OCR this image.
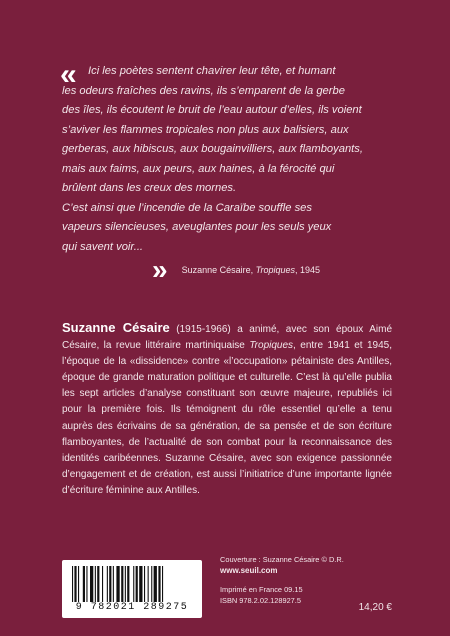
«	Ici les poètes sentent chavirer leur tête, et humant
les odeurs fraîches des ravins, ils s’emparent de la gerbe
des îles, ils écoutent le bruit de l’eau autour d’elles, ils voient
s’aviver les flammes tropicales non plus aux balisiers, aux
gerberas, aux hibiscus, aux bougainvilliers, aux flamboyants,
mais aux faims, aux peurs, aux haines, à la férocité qui
brûlent dans les creux des mornes.
C’est ainsi que l’incendie de la Caraïbe souffle ses
vapeurs silencieuses, aveuglantes pour les seuls yeux
qui savent voir...

» Suzanne Césaire, Tropiques, 1945
Suzanne Césaire (1915-1966) a animé, avec son époux Aimé Césaire, la revue littéraire martiniquaise Tropiques, entre 1941 et 1945, l’époque de la «dissidence» contre «l’occupation» pétainiste des Antilles, époque de grande maturation politique et culturelle. C’est là qu’elle publia les sept articles d’analyse constituant son œuvre majeure, republiés ici pour la première fois. Ils témoignent du rôle essentiel qu’elle a tenu auprès des écrivains de sa génération, de sa pensée et de son écriture flamboyantes, de l’actualité de son combat pour la reconnaissance des identités caribéennes. Suzanne Césaire, avec son exigence passionnée d’engagement et de création, est aussi l’initiatrice d’une importante lignée d’écriture féminine aux Antilles.
9 782021 289275
Couverture : Suzanne Césaire © D.R.
www.seuil.com
Imprimé en France 09.15
ISBN 978.2.02.128927.5
14,20 €
